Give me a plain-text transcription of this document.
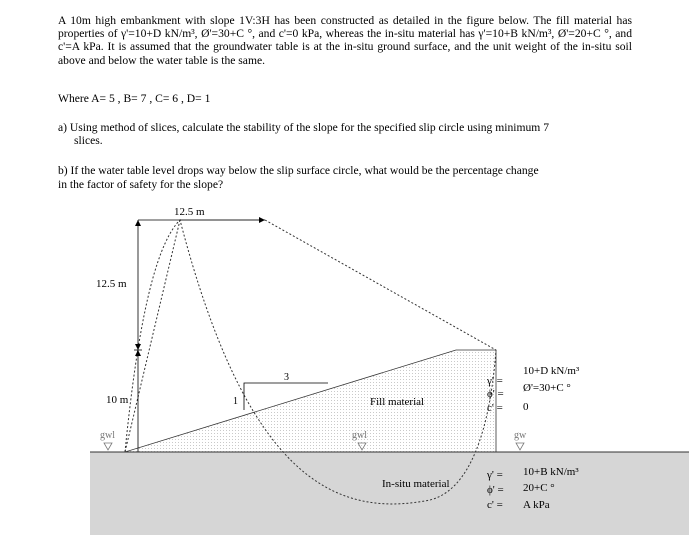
A 10m high embankment with slope 1V:3H has been constructed as detailed in the figure below. The fill material has properties of γ'=10+D kN/m³, Ø'=30+C °, and c'=0 kPa, whereas the in-situ material has γ'=10+B kN/m³, Ø'=20+C °, and c'=A kPa. It is assumed that the groundwater table is at the in-situ ground surface, and the unit weight of the in-situ soil above and below the water table is the same.

Where A= 5 , B= 7 , C= 6 , D= 1

a) Using method of slices, calculate the stability of the slope for the specified slip circle using minimum 7

slices.

b) If the water table level drops way below the slip surface circle, what would be the percentage change

in the factor of safety for the slope?

12.5 m
12.5 m
10 m
3
1	Fill material
In-situ material
gwl	gwl	gw
γ' =
10+D kN/m³
ϕ' = Ø'=30+C °
c' = 0
γ' = 10+B kN/m³
ϕ' = 20+C °
c' = A kPa
